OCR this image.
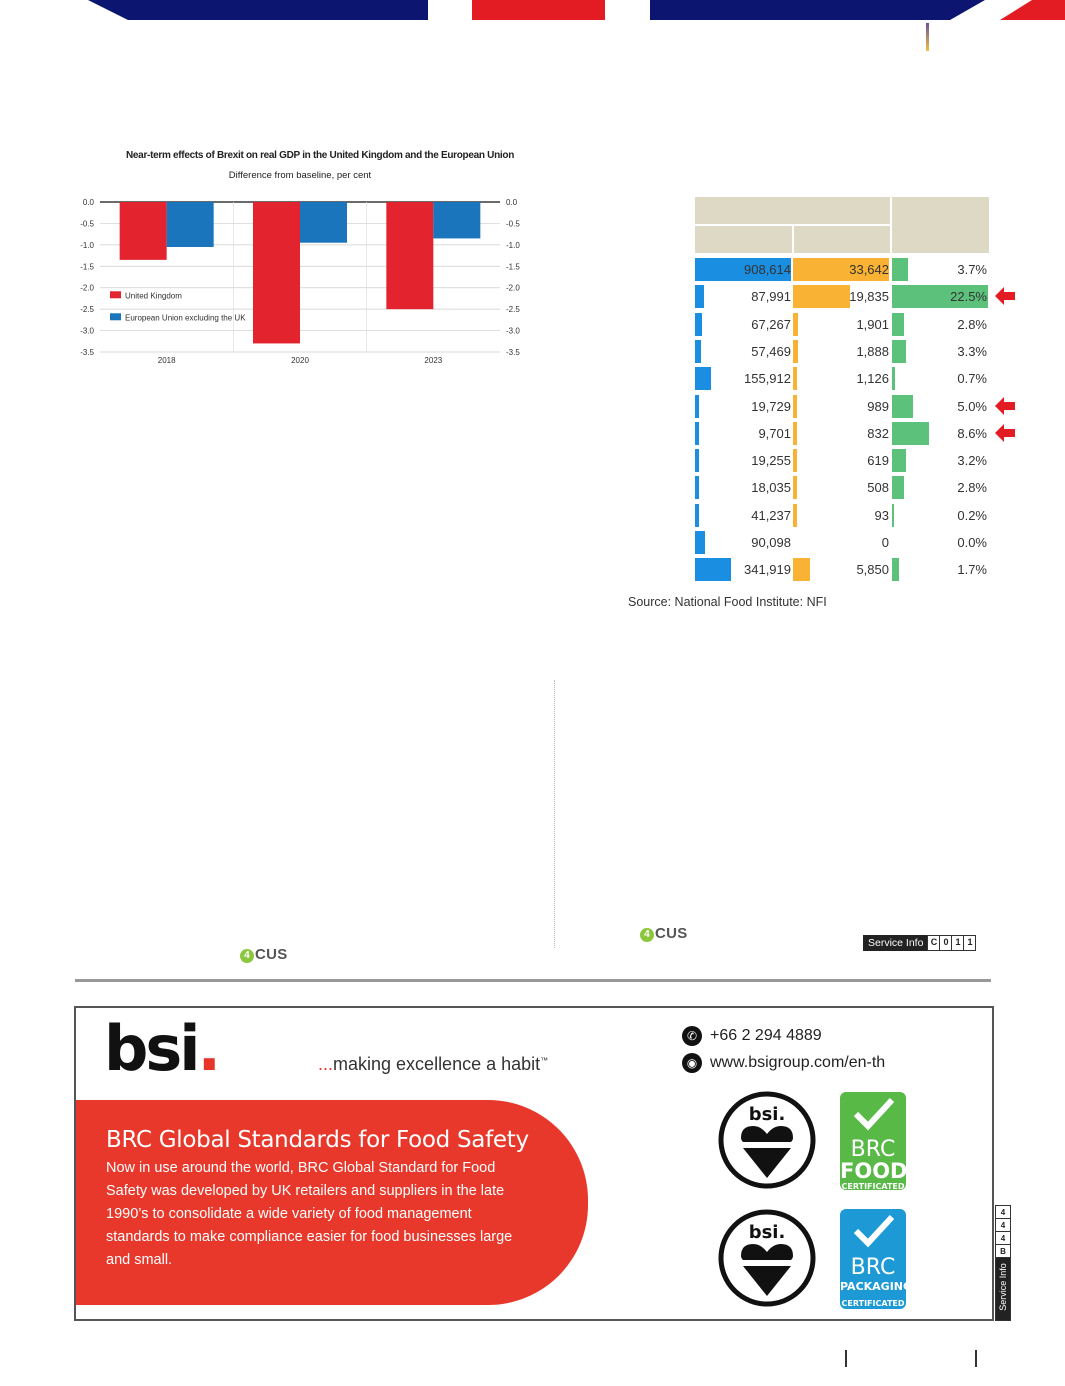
Near-term effects of Brexit on real GDP in the United Kingdom and the European Union
Difference from baseline, per cent
0.0	0.0
-0.5	-0.5
-1.0	-1.0
-1.5	-1.5
-2.0	-2.0
-2.5	-2.5
-3.0	-3.0
-3.5	-3.5
2018	2020	2023
United Kingdom
European Union excluding the UK
908,614	33,642	3.7%
87,991	19,835	22.5%
67,267	1,901	2.8%
57,469	1,888	3.3%
155,912	1,126	0.7%
19,729	989	5.0%
9,701	832	8.6%
19,255	619	3.2%
18,035	508	2.8%
41,237	93	0.2%
90,098	0	0.0%
341,919	5,850	1.7%
Source: National Food Institute: NFI
4 CUS
4 CUS
Service Info C 0 1 1
bsi.	...making excellence a habit™
BRC Global Standards for Food Safety
Now in use around the world, BRC Global Standard for Food Safety was developed by UK retailers and suppliers in the late 1990’s to consolidate a wide variety of food management standards to make compliance easier for food businesses large and small.
✆ +66 2 294 4889
◉ www.bsigroup.com/en-th
bsi.
bsi.
BRC
FOOD
CERTIFICATED
BRC
PACKAGING
CERTIFICATED
4
4
4
B
Service Info
